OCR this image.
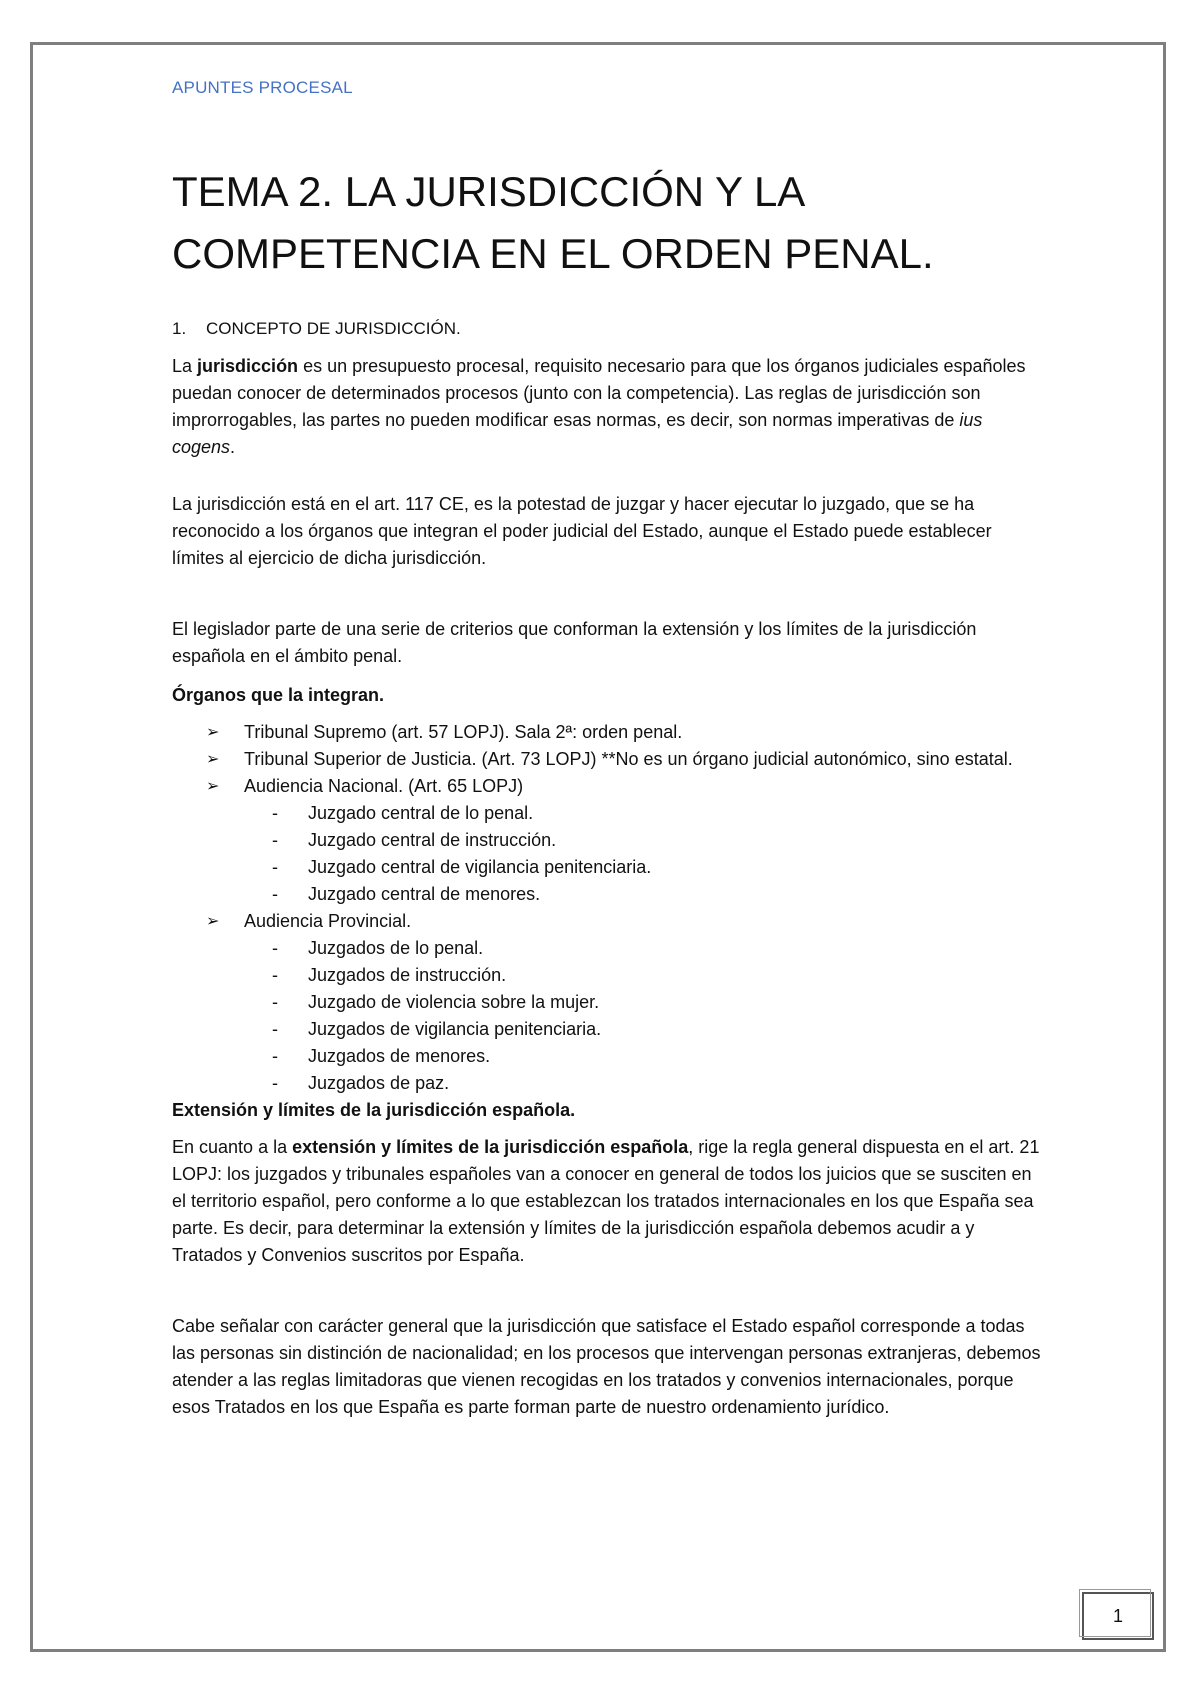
APUNTES PROCESAL

TEMA 2. LA JURISDICCIÓN Y LA
COMPETENCIA EN EL ORDEN PENAL.
1.	CONCEPTO DE JURISDICCIÓN.

La jurisdicción es un presupuesto procesal, requisito necesario para que los órganos judiciales españoles puedan conocer de determinados procesos (junto con la competencia). Las reglas de jurisdicción son improrrogables, las partes no pueden modificar esas normas, es decir, son normas imperativas de ius cogens.

La jurisdicción está en el art. 117 CE, es la potestad de juzgar y hacer ejecutar lo juzgado, que se ha reconocido a los órganos que integran el poder judicial del Estado, aunque el Estado puede establecer límites al ejercicio de dicha jurisdicción.

El legislador parte de una serie de criterios que conforman la extensión y los límites de la jurisdicción española en el ámbito penal.

Órganos que la integran.

➢ Tribunal Supremo (art. 57 LOPJ). Sala 2ª: orden penal.
➢ Tribunal Superior de Justicia. (Art. 73 LOPJ) **No es un órgano judicial autonómico, sino estatal.
➢ Audiencia Nacional. (Art. 65 LOPJ)
- Juzgado central de lo penal.
- Juzgado central de instrucción.
- Juzgado central de vigilancia penitenciaria.
- Juzgado central de menores.
➢ Audiencia Provincial.
- Juzgados de lo penal.
- Juzgados de instrucción.
- Juzgado de violencia sobre la mujer.
- Juzgados de vigilancia penitenciaria.
- Juzgados de menores.
- Juzgados de paz.

Extensión y límites de la jurisdicción española.

En cuanto a la extensión y límites de la jurisdicción española, rige la regla general dispuesta en el art. 21 LOPJ: los juzgados y tribunales españoles van a conocer en general de todos los juicios que se susciten en el territorio español, pero conforme a lo que establezcan los tratados internacionales en los que España sea parte. Es decir, para determinar la extensión y límites de la jurisdicción española debemos acudir a y Tratados y Convenios suscritos por España.

Cabe señalar con carácter general que la jurisdicción que satisface el Estado español corresponde a todas las personas sin distinción de nacionalidad; en los procesos que intervengan personas extranjeras, debemos atender a las reglas limitadoras que vienen recogidas en los tratados y convenios internacionales, porque esos Tratados en los que España es parte forman parte de nuestro ordenamiento jurídico.

1
